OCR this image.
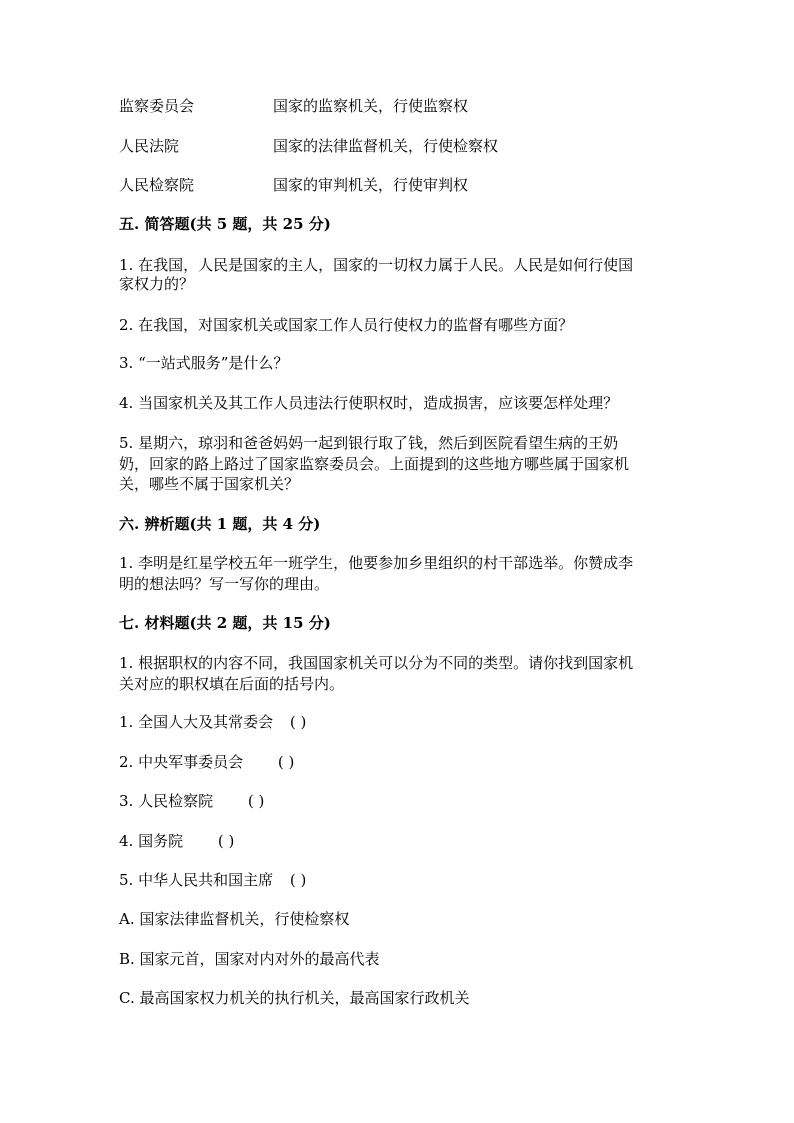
监察委员会	国家的监察机关，行使监察权
人民法院	国家的法律监督机关，行使检察权
人民检察院	国家的审判机关，行使审判权
五. 简答题(共 5 题，共 25 分)
1. 在我国，人民是国家的主人，国家的一切权力属于人民。人民是如何行使国
家权力的？
2. 在我国，对国家机关或国家工作人员行使权力的监督有哪些方面？
3. “一站式服务”是什么？
4. 当国家机关及其工作人员违法行使职权时，造成损害，应该要怎样处理？
5. 星期六，琼羽和爸爸妈妈一起到银行取了钱，然后到医院看望生病的王奶
奶，回家的路上路过了国家监察委员会。上面提到的这些地方哪些属于国家机
关，哪些不属于国家机关？
六. 辨析题(共 1 题，共 4 分)
1. 李明是红星学校五年一班学生，他要参加乡里组织的村干部选举。你赞成李
明的想法吗？写一写你的理由。
七. 材料题(共 2 题，共 15 分)
1. 根据职权的内容不同，我国国家机关可以分为不同的类型。请你找到国家机
关对应的职权填在后面的括号内。
1. 全国人大及其常委会 ( )
2. 中央军事委员会 ( )
3. 人民检察院 ( )
4. 国务院 ( )
5. 中华人民共和国主席 ( )
A. 国家法律监督机关，行使检察权
B. 国家元首，国家对内对外的最高代表
C. 最高国家权力机关的执行机关，最高国家行政机关
